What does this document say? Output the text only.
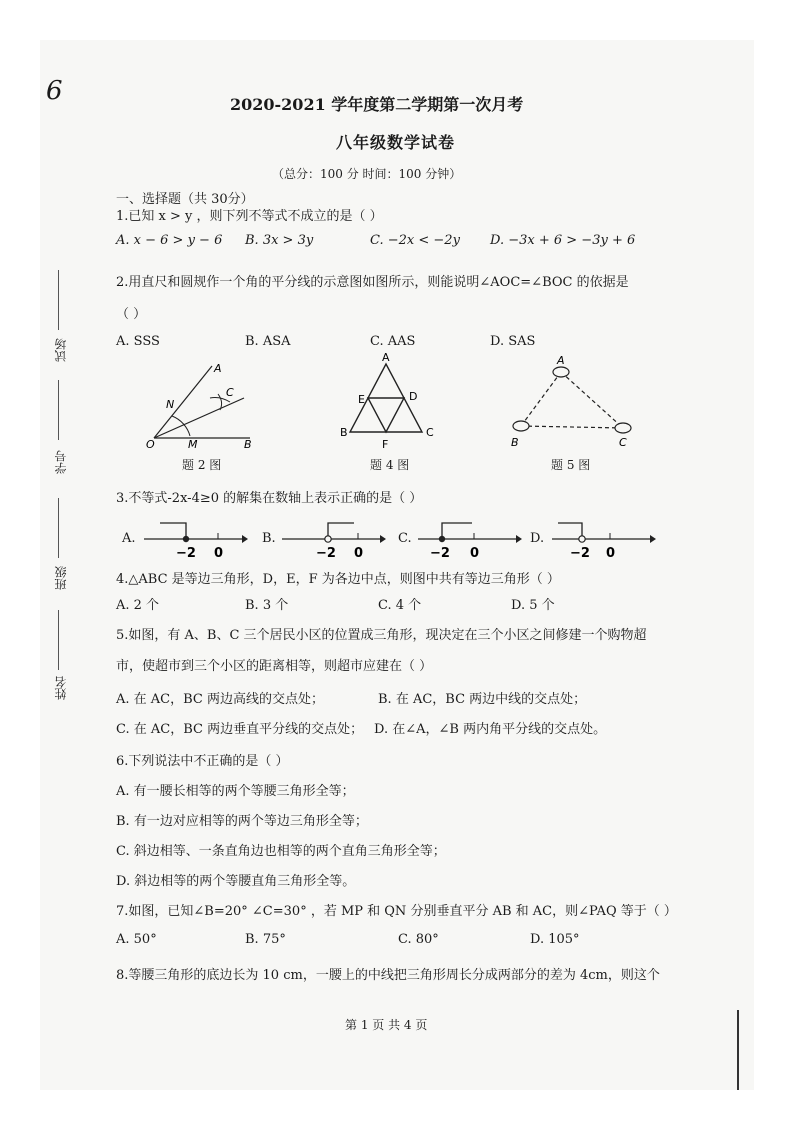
6
试场
学号
班级
姓名
2020-2021 学年度第二学期第一次月考
八年级数学试卷
（总分：100 分 时间：100 分钟）
一、选择题（共 30分）
1.已知 x > y ，则下列不等式不成立的是（ ）
A. x − 6 > y − 6 B. 3x > 3y	C. −2x < −2y D. −3x + 6 > −3y + 6
2.用直尺和圆规作一个角的平分线的示意图如图所示，则能说明∠AOC=∠BOC 的依据是
（ ）
A. SSS	B. ASA	C. AAS	D. SAS
A
N
C
O	M	B
题 2 图
A
E	D
B
F
C
题 4 图
A
B	C
题 5 图
3.不等式-2x-4≥0 的解集在数轴上表示正确的是（ ）
A.
−2 0
B.
−2 0
C.
−2 0
D.
−2 0
4.△ABC 是等边三角形，D，E，F 为各边中点，则图中共有等边三角形（ ）
A. 2 个	B. 3 个	C. 4 个	D. 5 个
5.如图，有 A、B、C 三个居民小区的位置成三角形，现决定在三个小区之间修建一个购物超
市，使超市到三个小区的距离相等，则超市应建在（ ）
A. 在 AC，BC 两边高线的交点处；	B. 在 AC，BC 两边中线的交点处；
C. 在 AC，BC 两边垂直平分线的交点处； D. 在∠A，∠B 两内角平分线的交点处。
6.下列说法中不正确的是（ ）
A. 有一腰长相等的两个等腰三角形全等；
B. 有一边对应相等的两个等边三角形全等；
C. 斜边相等、一条直角边也相等的两个直角三角形全等；
D. 斜边相等的两个等腰直角三角形全等。
7.如图，已知∠B=20° ∠C=30° ，若 MP 和 QN 分别垂直平分 AB 和 AC，则∠PAQ 等于（ ）
A. 50°	B. 75°	C. 80°	D. 105°
8.等腰三角形的底边长为 10 cm，一腰上的中线把三角形周长分成两部分的差为 4cm，则这个
第 1 页 共 4 页
